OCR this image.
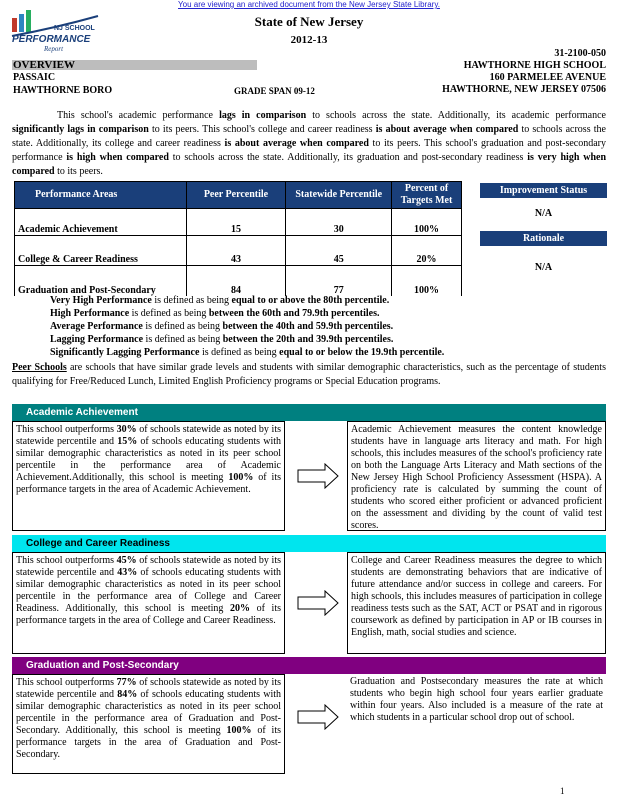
You are viewing an archived document from the New Jersey State Library.
NJ SCHOOL
PERFORMANCE
Report
State of New Jersey
2012-13
31-2100-050
HAWTHORNE HIGH SCHOOL
160 PARMELEE AVENUE
HAWTHORNE, NEW JERSEY 07506
OVERVIEW
PASSAIC
HAWTHORNE BORO	GRADE SPAN 09-12
This school's academic performance lags in comparison to schools across the state. Additionally, its academic performance significantly lags in comparison to its peers. This school's college and career readiness is about average when compared to schools across the state. Additionally, its college and career readiness is about average when compared to its peers. This school's graduation and post-secondary performance is high when compared to schools across the state. Additionally, its graduation and post-secondary readiness is very high when compared to its peers.
Performance Areas	Peer Percentile	Statewide Percentile	Percent of Targets Met
Academic Achievement	15	30	100%
College & Career Readiness	43	45	20%
Graduation and Post-Secondary	84	77	100%
Improvement Status
N/A
Rationale
N/A
Very High Performance is defined as being equal to or above the 80th percentile.
High Performance is defined as being between the 60th and 79.9th percentiles.
Average Performance is defined as being between the 40th and 59.9th percentiles.
Lagging Performance is defined as being between the 20th and 39.9th percentiles.
Significantly Lagging Performance is defined as being equal to or below the 19.9th percentile.
Peer Schools are schools that have similar grade levels and students with similar demographic characteristics, such as the percentage of students qualifying for Free/Reduced Lunch, Limited English Proficiency programs or Special Education programs.
Academic Achievement
This school outperforms 30% of schools statewide as noted by its statewide percentile and 15% of schools educating students with similar demographic characteristics as noted in its peer school percentile in the performance area of Academic Achievement.Additionally, this school is meeting 100% of its performance targets in the area of Academic Achievement.
Academic Achievement measures the content knowledge students have in language arts literacy and math. For high schools, this includes measures of the school's proficiency rate on both the Language Arts Literacy and Math sections of the New Jersey High School Proficiency Assessment (HSPA). A proficiency rate is calculated by summing the count of students who scored either proficient or advanced proficient on the assessment and dividing by the count of valid test scores.
College and Career Readiness
This school outperforms 45% of schools statewide as noted by its statewide percentile and 43% of schools educating students with similar demographic characteristics as noted in its peer school percentile in the performance area of College and Career Readiness. Additionally, this school is meeting 20% of its performance targets in the area of College and Career Readiness.
College and Career Readiness measures the degree to which students are demonstrating behaviors that are indicative of future attendance and/or success in college and careers. For high schools, this includes measures of participation in college readiness tests such as the SAT, ACT or PSAT and in rigorous coursework as defined by participation in AP or IB courses in English, math, social studies and science.
Graduation and Post-Secondary
This school outperforms 77% of schools statewide as noted by its statewide percentile and 84% of schools educating students with similar demographic characteristics as noted in its peer school percentile in the performance area of Graduation and Post-Secondary. Additionally, this school is meeting 100% of its performance targets in the area of Graduation and Post-Secondary.
Graduation and Postsecondary measures the rate at which students who begin high school four years earlier graduate within four years. Also included is a measure of the rate at which students in a particular school drop out of school.
1
